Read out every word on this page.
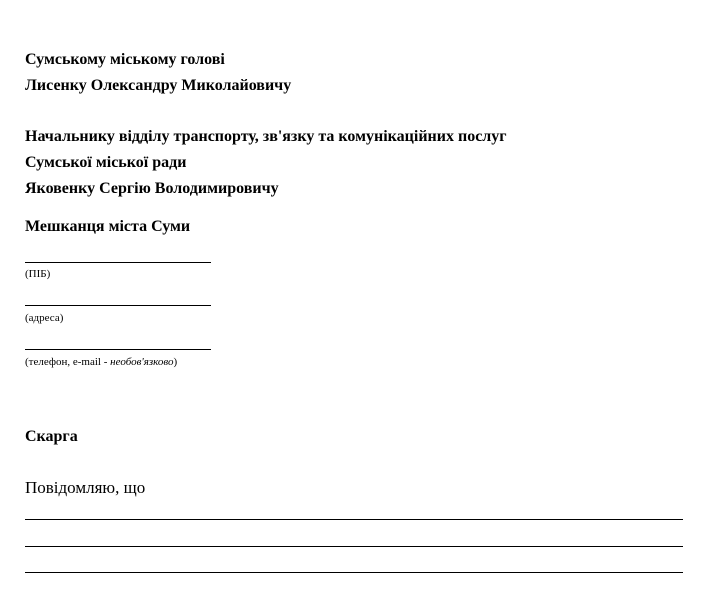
Сумському міському голові
Лисенку Олександру Миколайовичу
Начальнику відділу транспорту, зв'язку та комунікаційних послуг
Сумської міської ради
Яковенку Сергію Володимировичу
Мешканця міста Суми
(ПІБ)
(адреса)
(телефон, e-mail - необов'язково)
Скарга
Повідомляю, що
